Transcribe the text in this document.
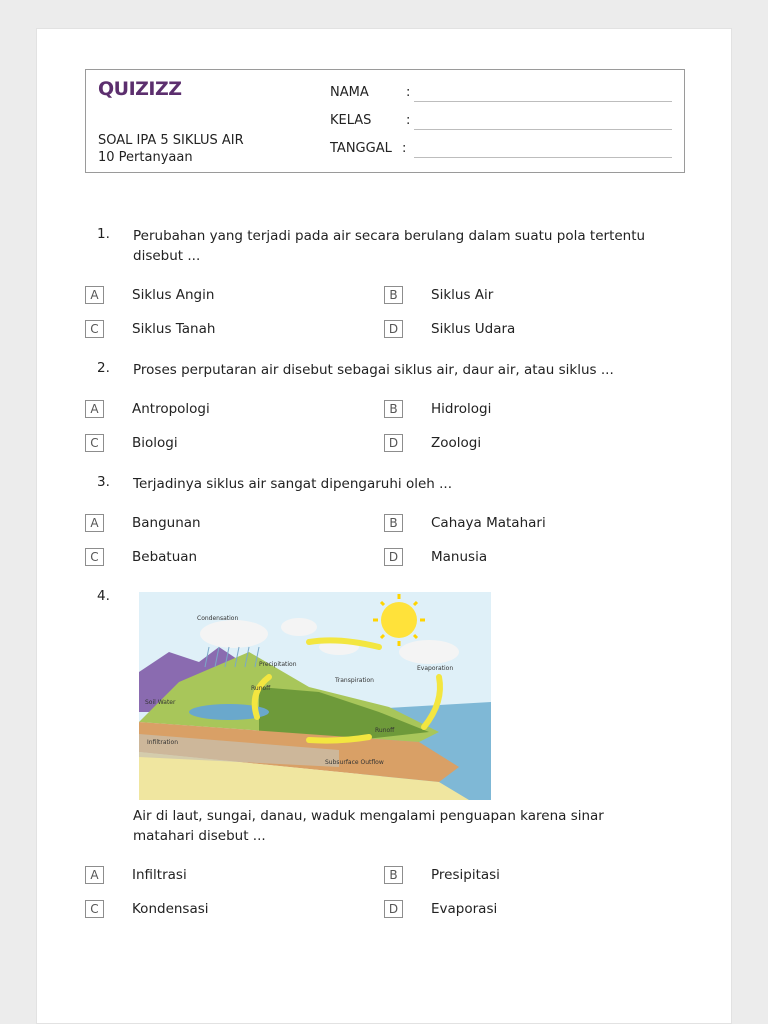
QUIZIZZ
SOAL IPA 5 SIKLUS AIR
10 Pertanyaan
NAMA	:
KELAS	:
TANGGAL :
1. Perubahan yang terjadi pada air secara berulang dalam suatu pola tertentu disebut ...
A	Siklus Angin	B	Siklus Air
C	Siklus Tanah	D	Siklus Udara
2. Proses perputaran air disebut sebagai siklus air, daur air, atau siklus ...
A	Antropologi	B	Hidrologi
C	Biologi	D	Zoologi
3. Terjadinya siklus air sangat dipengaruhi oleh ...
A	Bangunan	B	Cahaya Matahari
C	Bebatuan	D	Manusia
4.
Condensation
Precipitation
Evaporation
Transpiration
Runoff
Runoff
Soil Water
Infiltration
Subsurface Outflow
Air di laut, sungai, danau, waduk mengalami penguapan karena sinar matahari disebut ...
A	Infiltrasi	B	Presipitasi
C	Kondensasi	D	Evaporasi
